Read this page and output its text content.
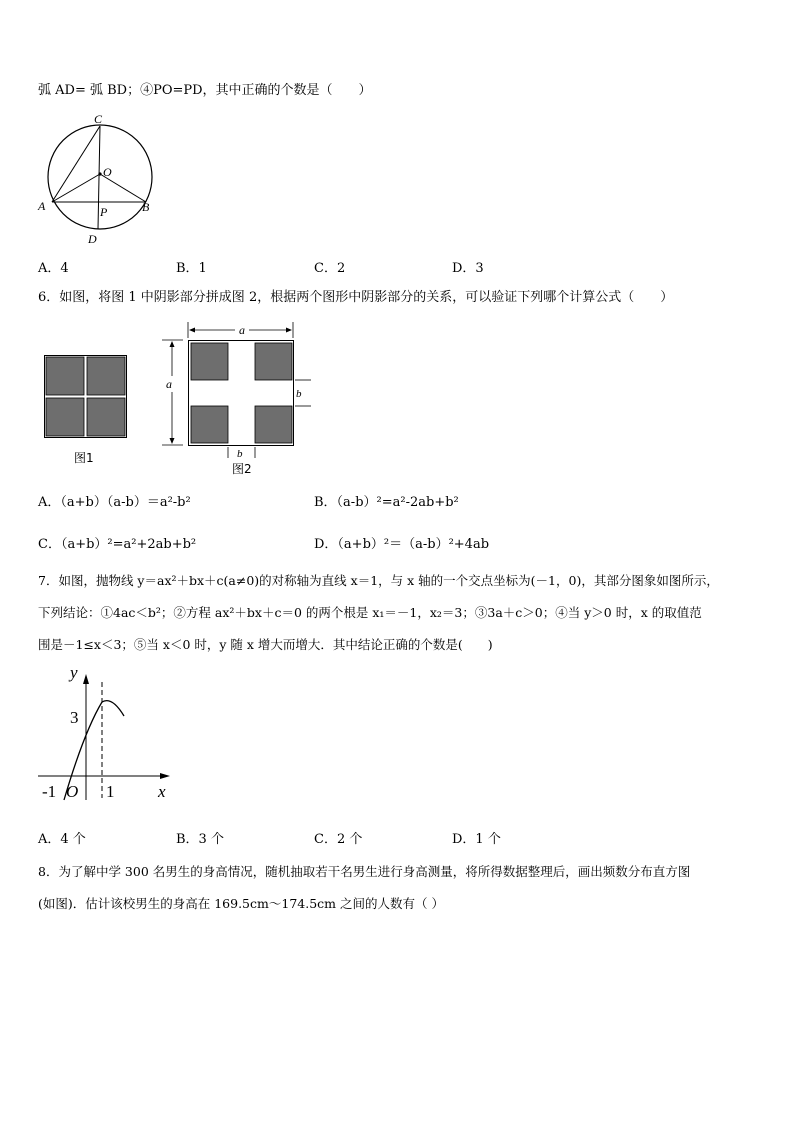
弧 AD= 弧 BD；④PO=PD，其中正确的个数是（　　）
C
O
A	P	B
D
A．4	B．1	C．2	D．3
6．如图，将图 1 中阴影部分拼成图 2，根据两个图形中阴影部分的关系，可以验证下列哪个计算公式（　　）
图1
a
a
b
b
图2
A．（a+b）（a-b）＝a²-b²	B．（a-b）²=a²-2ab+b²
C．（a+b）²=a²+2ab+b²	D．（a+b）²＝（a-b）²+4ab
7．如图，抛物线 y＝ax²＋bx＋c(a≠0)的对称轴为直线 x＝1，与 x 轴的一个交点坐标为(－1，0)，其部分图象如图所示，
下列结论：①4ac＜b²；②方程 ax²＋bx＋c＝0 的两个根是 x₁＝－1，x₂＝3；③3a＋c＞0；④当 y＞0 时，x 的取值范
围是－1≤x＜3；⑤当 x＜0 时，y 随 x 增大而增大．其中结论正确的个数是(　　)
y
3
-1 O 1	x
A．4 个	B．3 个	C．2 个	D．1 个
8．为了解中学 300 名男生的身高情况，随机抽取若干名男生进行身高测量，将所得数据整理后，画出频数分布直方图
(如图)．估计该校男生的身高在 169.5cm～174.5cm 之间的人数有（ ）
